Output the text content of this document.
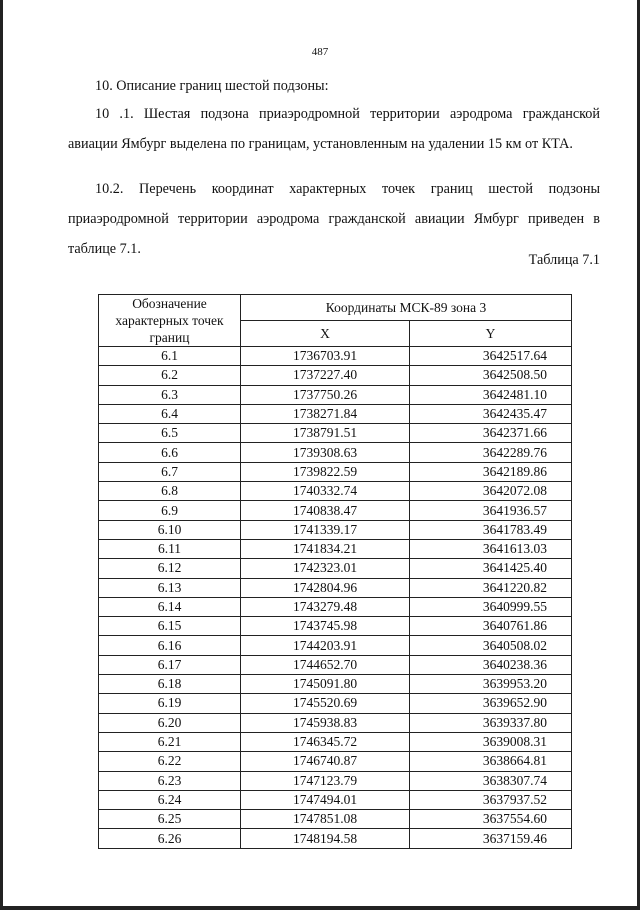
487

10. Описание границ шестой подзоны:

10 .1. Шестая подзона приаэродромной территории аэродрома гражданской авиации Ямбург выделена по границам, установленным на удалении 15 км от КТА.

10.2. Перечень координат характерных точек границ шестой подзоны приаэродромной территории аэродрома гражданской авиации Ямбург приведен в таблице 7.1.

Таблица 7.1
Обозначение характерных точек границ	Координаты МСК-89 зона 3	
	X	Y
6.1	1736703.91	3642517.64
6.2	1737227.40	3642508.50
6.3	1737750.26	3642481.10
6.4	1738271.84	3642435.47
6.5	1738791.51	3642371.66
6.6	1739308.63	3642289.76
6.7	1739822.59	3642189.86
6.8	1740332.74	3642072.08
6.9	1740838.47	3641936.57
6.10	1741339.17	3641783.49
6.11	1741834.21	3641613.03
6.12	1742323.01	3641425.40
6.13	1742804.96	3641220.82
6.14	1743279.48	3640999.55
6.15	1743745.98	3640761.86
6.16	1744203.91	3640508.02
6.17	1744652.70	3640238.36
6.18	1745091.80	3639953.20
6.19	1745520.69	3639652.90
6.20	1745938.83	3639337.80
6.21	1746345.72	3639008.31
6.22	1746740.87	3638664.81
6.23	1747123.79	3638307.74
6.24	1747494.01	3637937.52
6.25	1747851.08	3637554.60
6.26	1748194.58	3637159.46
